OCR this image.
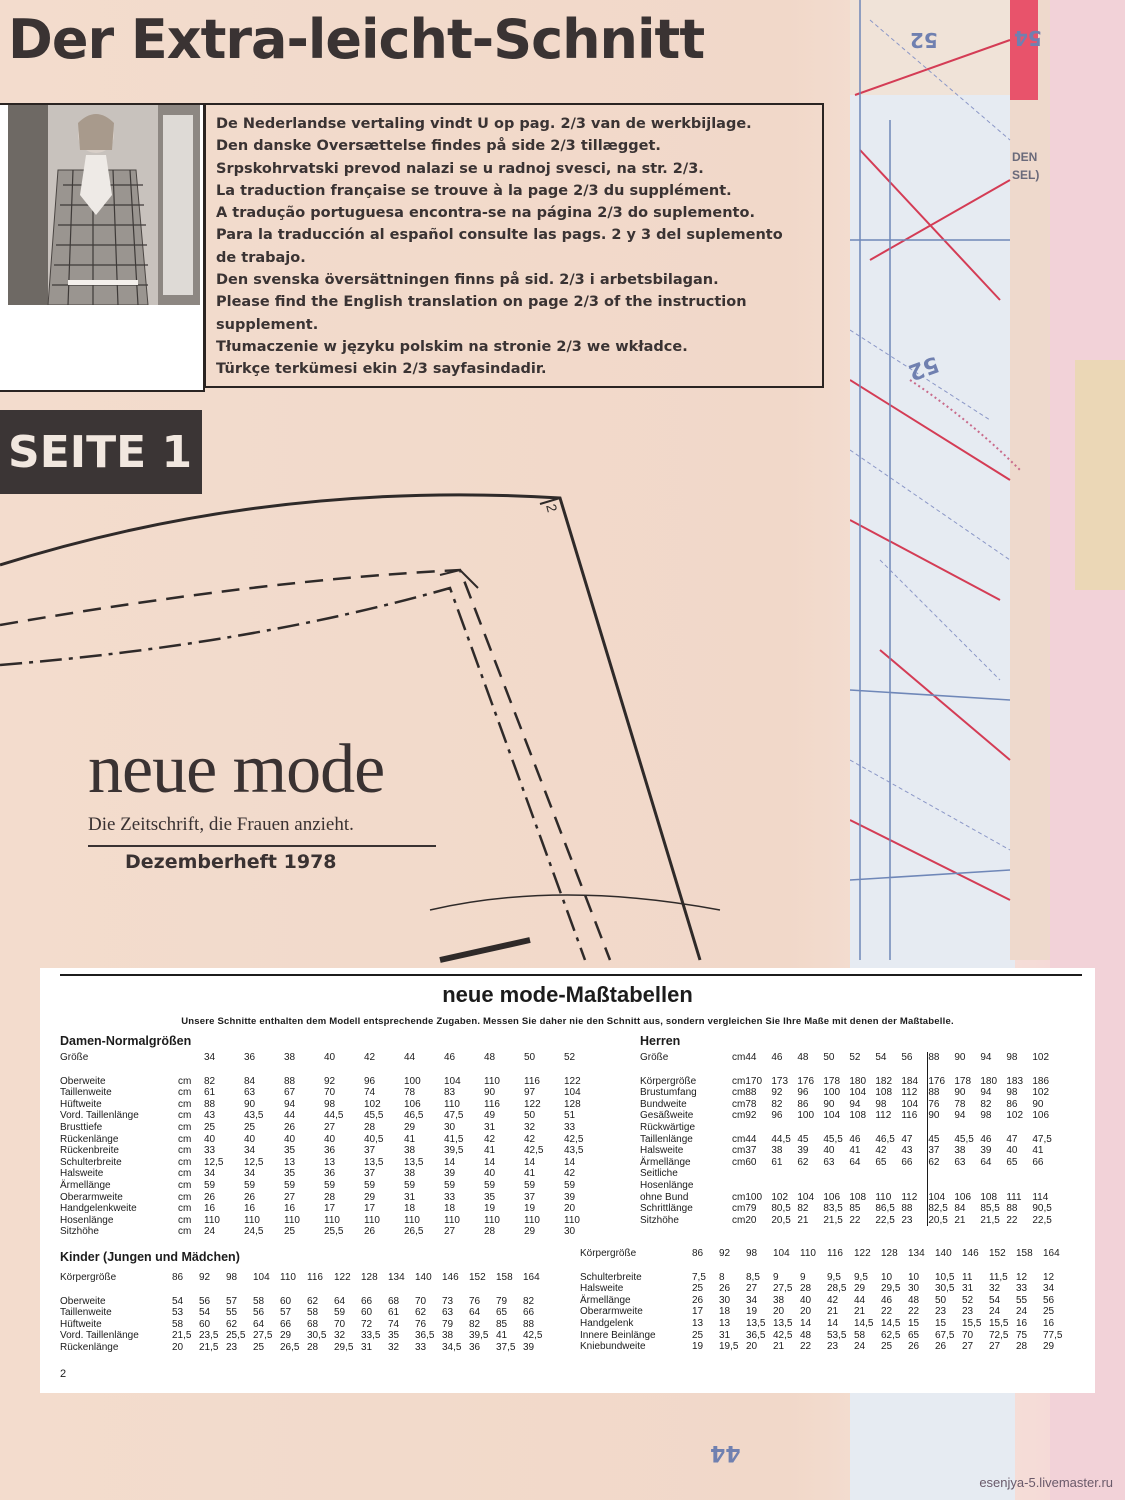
54
52
52
DEN
SEL)
Der Extra-leicht-Schnitt
SEITE 1
De Nederlandse vertaling vindt U op pag. 2/3 van de werkbijlage.
Den danske Oversættelse findes på side 2/3 tillægget.
Srpskohrvatski prevod nalazi se u radnoj svesci, na str. 2/3.
La traduction française se trouve à la page 2/3 du supplément.
A tradução portuguesa encontra-se na página 2/3 do suplemento.
Para la traducción al español consulte las pags. 2 y 3 del suplemento
de trabajo.
Den svenska översättningen finns på sid. 2/3 i arbetsbilagan.
Please find the English translation on page 2/3 of the instruction
supplement.
Tłumaczenie w języku polskim na stronie 2/3 we wkładce.
Türkçe terkümesi ekin 2/3 sayfasindadir.
2
neue mode
Die Zeitschrift, die Frauen anzieht.
Dezemberheft 1978
neue mode-Maßtabellen
Unsere Schnitte enthalten dem Modell entsprechende Zugaben. Messen Sie daher nie den Schnitt aus, sondern vergleichen Sie Ihre Maße mit denen der Maßtabelle.
Damen-Normalgrößen
Größe		34	36	38	40	42	44	46	48	50	52
Oberweite	cm	82	84	88	92	96	100	104	110	116	122
Taillenweite	cm	61	63	67	70	74	78	83	90	97	104
Hüftweite	cm	88	90	94	98	102	106	110	116	122	128
Vord. Taillenlänge	cm	43	43,5	44	44,5	45,5	46,5	47,5	49	50	51
Brusttiefe	cm	25	25	26	27	28	29	30	31	32	33
Rückenlänge	cm	40	40	40	40	40,5	41	41,5	42	42	42,5
Rückenbreite	cm	33	34	35	36	37	38	39,5	41	42,5	43,5
Schulterbreite	cm	12,5	12,5	13	13	13,5	13,5	14	14	14	14
Halsweite	cm	34	34	35	36	37	38	39	40	41	42
Ärmellänge	cm	59	59	59	59	59	59	59	59	59	59
Oberarmweite	cm	26	26	27	28	29	31	33	35	37	39
Handgelenkweite	cm	16	16	16	17	17	18	18	19	19	20
Hosenlänge	cm	110	110	110	110	110	110	110	110	110	110
Sitzhöhe	cm	24	24,5	25	25,5	26	26,5	27	28	29	30
Herren
Größe	cm	44	46	48	50	52	54	56	88	90	94	98	102
Körpergröße	cm	170	173	176	178	180	182	184	176	178	180	183	186
Brustumfang	cm	88	92	96	100	104	108	112	88	90	94	98	102
Bundweite	cm	78	82	86	90	94	98	104	76	78	82	86	90
Gesäßweite	cm	92	96	100	104	108	112	116	90	94	98	102	106
Rückwärtige													
Taillenlänge	cm	44	44,5	45	45,5	46	46,5	47	45	45,5	46	47	47,5
Halsweite	cm	37	38	39	40	41	42	43	37	38	39	40	41
Ärmellänge	cm	60	61	62	63	64	65	66	62	63	64	65	66
Seitliche													
Hosenlänge													
ohne Bund	cm	100	102	104	106	108	110	112	104	106	108	111	114
Schrittlänge	cm	79	80,5	82	83,5	85	86,5	88	82,5	84	85,5	88	90,5
Sitzhöhe	cm	20	20,5	21	21,5	22	22,5	23	20,5	21	21,5	22	22,5
Kinder (Jungen und Mädchen)
Körpergröße	86	92	98	104	110	116	122	128	134	140	146	152	158	164
Oberweite	54	56	57	58	60	62	64	66	68	70	73	76	79	82
Taillenweite	53	54	55	56	57	58	59	60	61	62	63	64	65	66
Hüftweite	58	60	62	64	66	68	70	72	74	76	79	82	85	88
Vord. Taillenlänge	21,5	23,5	25,5	27,5	29	30,5	32	33,5	35	36,5	38	39,5	41	42,5
Rückenlänge	20	21,5	23	25	26,5	28	29,5	31	32	33	34,5	36	37,5	39
Körpergröße	86	92	98	104	110	116	122	128	134	140	146	152	158	164
Schulterbreite	7,5	8	8,5	9	9	9,5	9,5	10	10	10,5	11	11,5	12	12
Halsweite	25	26	27	27,5	28	28,5	29	29,5	30	30,5	31	32	33	34
Ärmellänge	26	30	34	38	40	42	44	46	48	50	52	54	55	56
Oberarmweite	17	18	19	20	20	21	21	22	22	23	23	24	24	25
Handgelenk	13	13	13,5	13,5	14	14	14,5	14,5	15	15	15,5	15,5	16	16
Innere Beinlänge	25	31	36,5	42,5	48	53,5	58	62,5	65	67,5	70	72,5	75	77,5
Kniebundweite	19	19,5	20	21	22	23	24	25	26	26	27	27	28	29
2
44
esenjya-5.livemaster.ru
